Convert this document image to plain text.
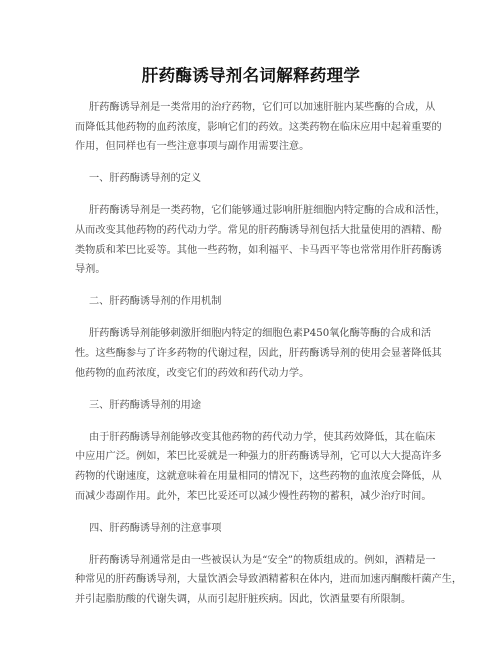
肝药酶诱导剂名词解释药理学

肝药酶诱导剂是一类常用的治疗药物，它们可以加速肝脏内某些酶的合成，从
而降低其他药物的血药浓度，影响它们的药效。这类药物在临床应用中起着重要的
作用，但同样也有一些注意事项与副作用需要注意。

一、肝药酶诱导剂的定义

肝药酶诱导剂是一类药物，它们能够通过影响肝脏细胞内特定酶的合成和活性，
从而改变其他药物的药代动力学。常见的肝药酶诱导剂包括大批量使用的酒精、酚
类物质和苯巴比妥等。其他一些药物，如利福平、卡马西平等也常常用作肝药酶诱
导剂。

二、肝药酶诱导剂的作用机制

肝药酶诱导剂能够刺激肝细胞内特定的细胞色素P450氧化酶等酶的合成和活
性。这些酶参与了许多药物的代谢过程，因此，肝药酶诱导剂的使用会显著降低其
他药物的血药浓度，改变它们的药效和药代动力学。

三、肝药酶诱导剂的用途

由于肝药酶诱导剂能够改变其他药物的药代动力学，使其药效降低，其在临床
中应用广泛。例如，苯巴比妥就是一种强力的肝药酶诱导剂，它可以大大提高许多
药物的代谢速度，这就意味着在用量相同的情况下，这些药物的血浓度会降低，从
而减少毒副作用。此外，苯巴比妥还可以减少慢性药物的蓄积，减少治疗时间。

四、肝药酶诱导剂的注意事项

肝药酶诱导剂通常是由一些被误认为是“安全”的物质组成的。例如，酒精是一
种常见的肝药酶诱导剂，大量饮酒会导致酒精蓄积在体内，进而加速丙酮酸杆菌产生，
并引起脂肪酸的代谢失调，从而引起肝脏疾病。因此，饮酒量要有所限制。
